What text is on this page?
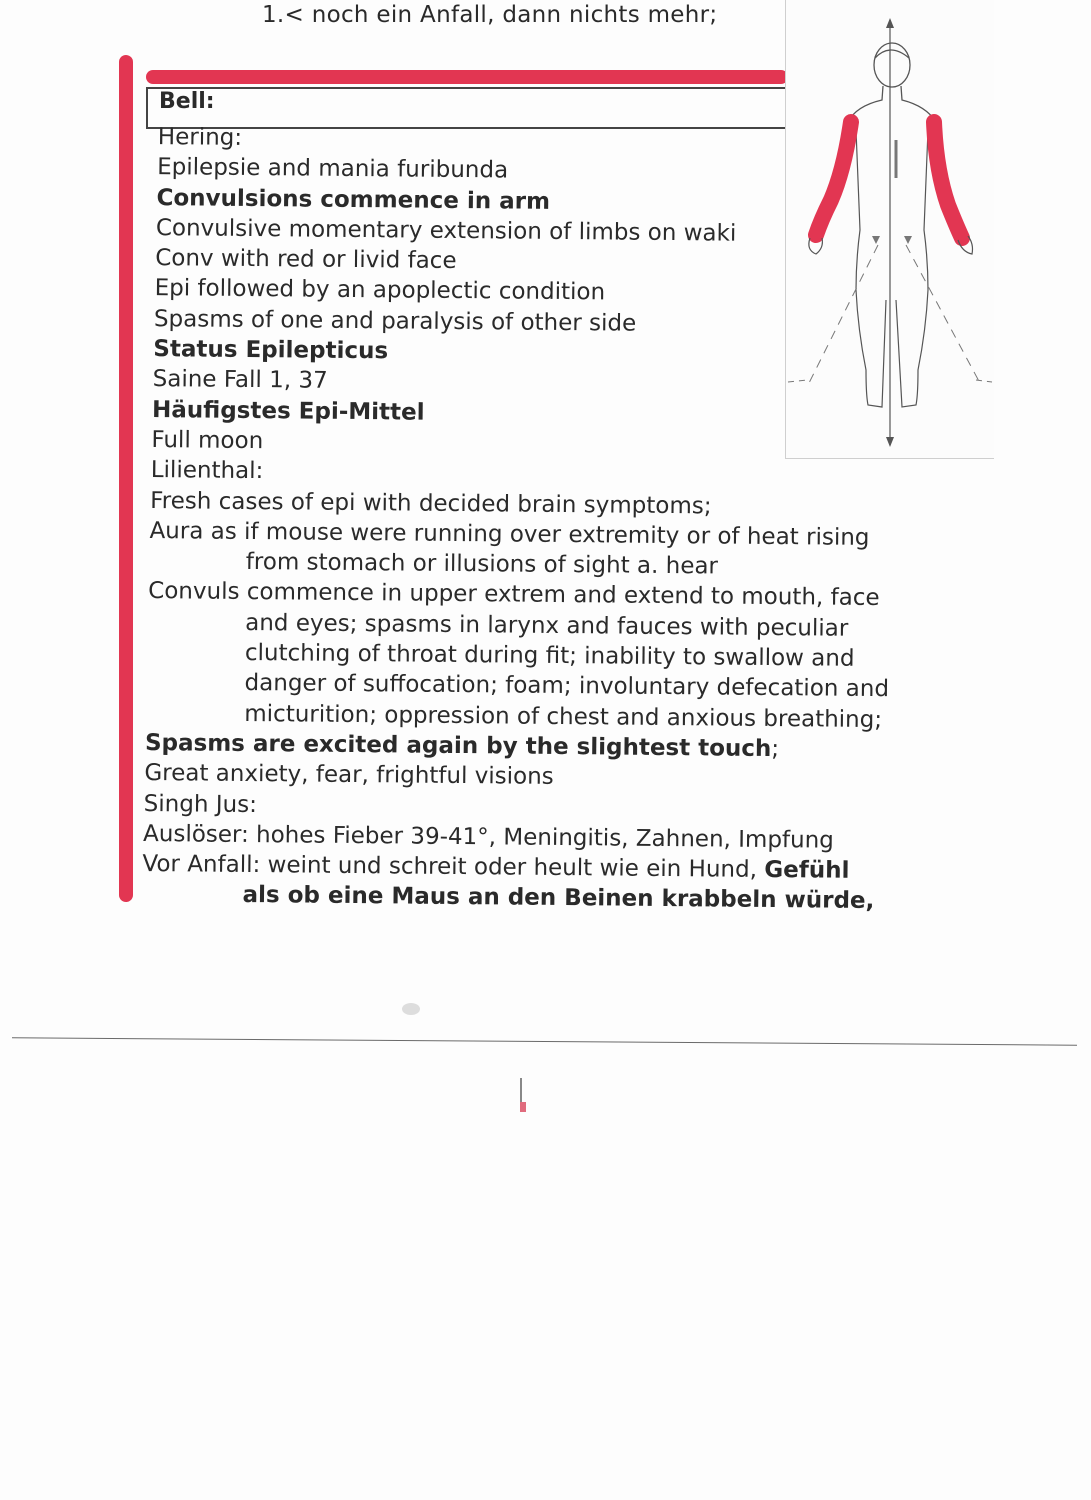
1.< noch ein Anfall, dann nichts mehr;
Bell:
Hering:
Epilepsie and mania furibunda
Convulsions commence in arm
Convulsive momentary extension of limbs on waki
Conv with red or livid face
Epi followed by an apoplectic condition
Spasms of one and paralysis of other side
Status Epilepticus
Saine Fall 1, 37
Häufigstes Epi-Mittel
Full moon
Lilienthal:
Fresh cases of epi with decided brain symptoms;
Aura as if mouse were running over extremity or of heat rising
from stomach or illusions of sight a. hear
Convuls commence in upper extrem and extend to mouth, face
and eyes; spasms in larynx and fauces with peculiar
clutching of throat during fit; inability to swallow and
danger of suffocation; foam; involuntary defecation and
micturition; oppression of chest and anxious breathing;
Spasms are excited again by the slightest touch;
Great anxiety, fear, frightful visions
Singh Jus:
Auslöser: hohes Fieber 39-41°, Meningitis, Zahnen, Impfung
Vor Anfall: weint und schreit oder heult wie ein Hund, Gefühl
als ob eine Maus an den Beinen krabbeln würde,
